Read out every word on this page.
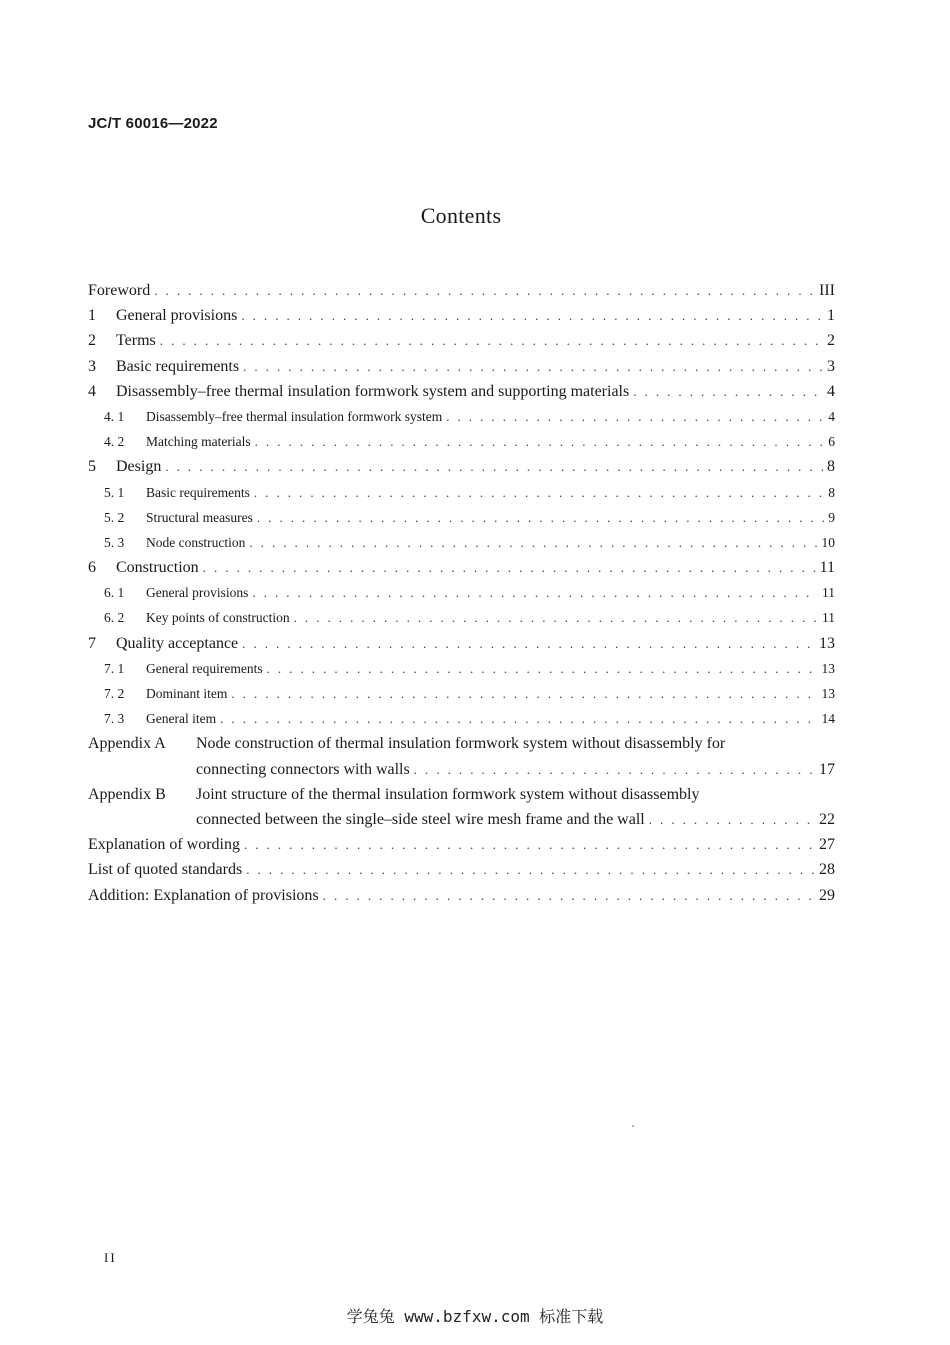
JC/T 60016—2022
Contents
Foreword . . .	III
1	General provisions . . .	1
2	Terms . . .	2
3	Basic requirements . . .	3
4	Disassembly–free thermal insulation formwork system and supporting materials . . .	4
4. 1	Disassembly–free thermal insulation formwork system . . .	4
4. 2	Matching materials . . .	6
5	Design . . .	8
5. 1	Basic requirements . . .	8
5. 2	Structural measures . . .	9
5. 3	Node construction . . .	10
6	Construction . . .	11
6. 1	General provisions . . .	11
6. 2	Key points of construction . . .	11
7	Quality acceptance . . .	13
7. 1	General requirements . . .	13
7. 2	Dominant item . . .	13
7. 3	General item . . .	14
Appendix A	Node construction of thermal insulation formwork system without disassembly for
connecting connectors with walls . . .	17
Appendix B	Joint structure of the thermal insulation formwork system without disassembly
connected between the single–side steel wire mesh frame and the wall . . .	22
Explanation of wording . . .	27
List of quoted standards . . .	28
Addition: Explanation of provisions . . .	29
II
学兔兔 www.bzfxw.com 标准下载
